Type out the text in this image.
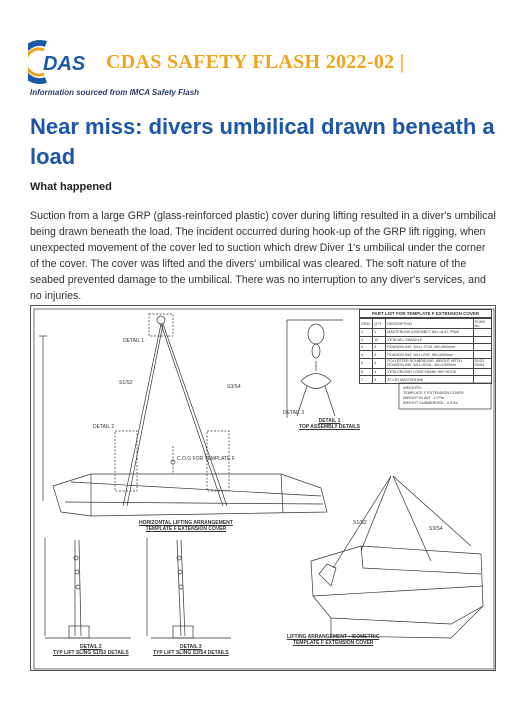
DAS CDAS SAFETY FLASH 2022-02 |
Information sourced from IMCA Safety Flash
Near miss: divers umbilical drawn beneath a load
What happened
Suction from a large GRP (glass-reinforced plastic) cover during lifting resulted in a diver's umbilical being drawn beneath the load. The incident occurred during hook-up of the GRP lift rigging, when unexpected movement of the cover led to suction which drew Diver 1's umbilical under the corner of the cover. The cover was lifted and the divers' umbilical was cleared. The soft nature of the seabed prevented damage to the umbilical. There was no interruption to any diver's services, and no injuries.
DETAIL 1
DETAIL 2
DETAIL 3
S1/S2
S3/S4
C.O.G FOR TEMPLATE F
DETAIL 1
TOP ASSEMBLY DETAILS
HORIZONTAL LIFTING ARRANGEMENT
TEMPLATE F EXTENSION COVER
DETAIL 2
TYP LIFT SLING S1/S2 DETAILS
DETAIL 3
TYP LIFT SLING S3/S4 DETAILS
S1/S2
S3/S4
LIFTING ARRANGEMENT - ISOMETRIC
TEMPLATE F EXTENSION COVER
WEIGHTS:
TEMPLATE F EXTENSION COVER
WEIGHT IN AIR - 2.77te
WEIGHT SUBMERGED - 0.57te
PART LIST FOR TEMPLATE F EXTENSION COVER
ITEM	QTY	DESCRIPTION	SLING No.
1	1	MASTERLINK ASSEMBLY, WLL=8.5T, PN##	
2	12	ZETA WLL SHACKLE	
3	4	ROUNDSLING, WLL= 2T/4L 3M=4000mm	
4	4	ROUNDSLING, WLL=2/3T, 3M=4000mm	
5	4	POLYESTER ROUNDSLING, WEIGHT HITCH ROUNDSLING, WLL=5T/4L, 3M=4,000mm	S1/S2 S3/S4
6	4	ZETA CROSBY LONG SHANK WIV HOOK	
7	4	4T LTH MASTERLINK	
